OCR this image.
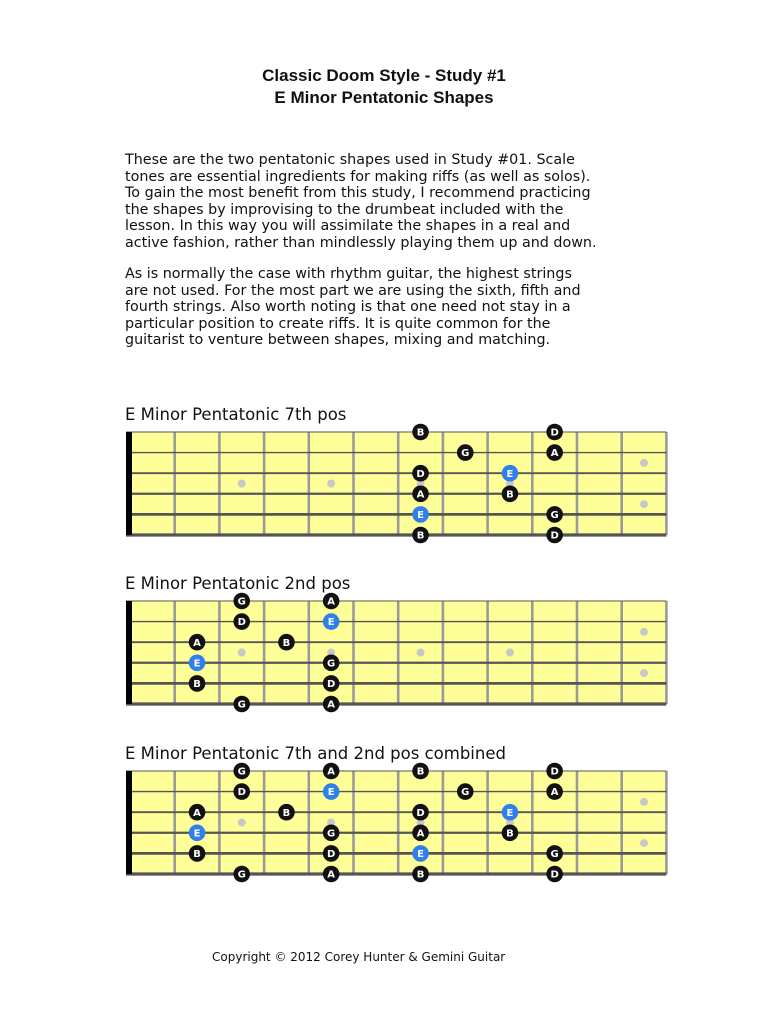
Classic Doom Style - Study #1
E Minor Pentatonic Shapes

These are the two pentatonic shapes used in Study #01. Scale
tones are essential ingredients for making riffs (as well as solos).
To gain the most benefit from this study, I recommend practicing
the shapes by improvising to the drumbeat included with the
lesson. In this way you will assimilate the shapes in a real and
active fashion, rather than mindlessly playing them up and down.

As is normally the case with rhythm guitar, the highest strings
are not used. For the most part we are using the sixth, fifth and
fourth strings. Also worth noting is that one need not stay in a
particular position to create riffs. It is quite common for the
guitarist to venture between shapes, mixing and matching.

E Minor Pentatonic 7th pos
B	D
G	A
D	E
A	B
E	G
B	D
E Minor Pentatonic 2nd pos
G	A
D	E
A	B
E	G
B	D
G	A
E Minor Pentatonic 7th and 2nd pos combined
G	A	B	D
D	E	G	A
A	B	D	E
E	G	A	B
B	D	E	G
G	A	B	D
Copyright © 2012 Corey Hunter & Gemini Guitar
